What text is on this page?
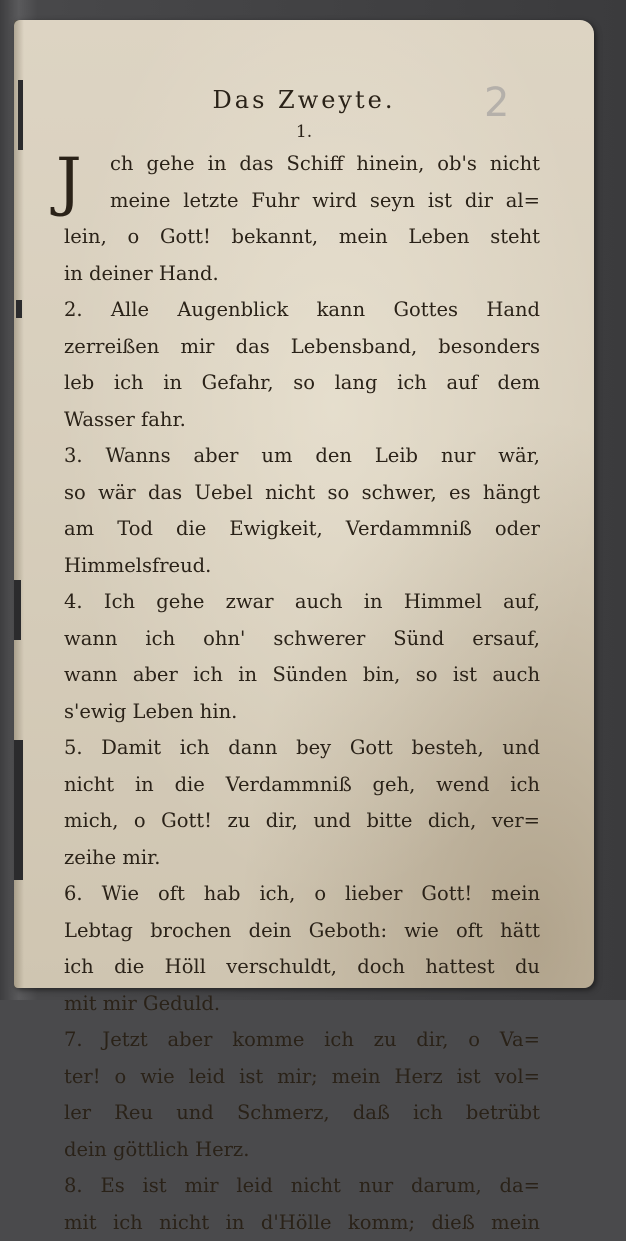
2
Das Zweyte.
1.
J	ch gehe in das Schiff hinein, ob's nicht
meine letzte Fuhr wird seyn ist dir al=
lein, o Gott! bekannt, mein Leben steht
in deiner Hand.
2. Alle Augenblick kann Gottes Hand
zerreißen mir das Lebensband, besonders
leb ich in Gefahr, so lang ich auf dem
Wasser fahr.
3. Wanns aber um den Leib nur wär,
so wär das Uebel nicht so schwer, es hängt
am Tod die Ewigkeit, Verdammniß oder
Himmelsfreud.
4. Ich gehe zwar auch in Himmel auf,
wann ich ohn' schwerer Sünd ersauf,
wann aber ich in Sünden bin, so ist auch
s'ewig Leben hin.
5. Damit ich dann bey Gott besteh, und
nicht in die Verdammniß geh, wend ich
mich, o Gott! zu dir, und bitte dich, ver=
zeihe mir.
6. Wie oft hab ich, o lieber Gott! mein
Lebtag brochen dein Geboth: wie oft hätt
ich die Höll verschuldt, doch hattest du
mit mir Geduld.
7. Jetzt aber komme ich zu dir, o Va=
ter! o wie leid ist mir; mein Herz ist vol=
ler Reu und Schmerz, daß ich betrübt
dein göttlich Herz.
8. Es ist mir leid nicht nur darum, da=
mit ich nicht in d'Hölle komm; dieß mein
